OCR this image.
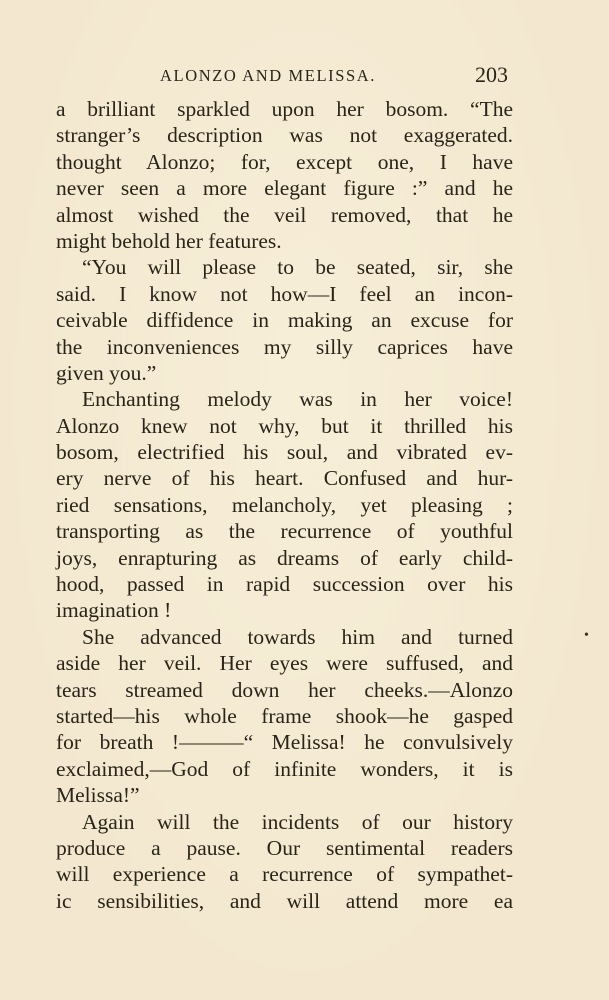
ALONZO AND MELISSA.	203
a brilliant sparkled upon her bosom. “The
stranger’s description was not exaggerated.
thought Alonzo; for, except one, I have
never seen a more elegant figure :” and he
almost wished the veil removed, that he
might behold her features.
“You will please to be seated, sir, she
said. I know not how—I feel an incon-
ceivable diffidence in making an excuse for
the inconveniences my silly caprices have
given you.”
Enchanting melody was in her voice!
Alonzo knew not why, but it thrilled his
bosom, electrified his soul, and vibrated ev-
ery nerve of his heart. Confused and hur-
ried sensations, melancholy, yet pleasing ;
transporting as the recurrence of youthful
joys, enrapturing as dreams of early child-
hood, passed in rapid succession over his
imagination !
She advanced towards him and turned
aside her veil. Her eyes were suffused, and
tears streamed down her cheeks.—Alonzo
started—his whole frame shook—he gasped
for breath !———“ Melissa! he convulsively
exclaimed,—God of infinite wonders, it is
Melissa!”
Again will the incidents of our history
produce a pause. Our sentimental readers
will experience a recurrence of sympathet-
ic sensibilities, and will attend more ea
•
